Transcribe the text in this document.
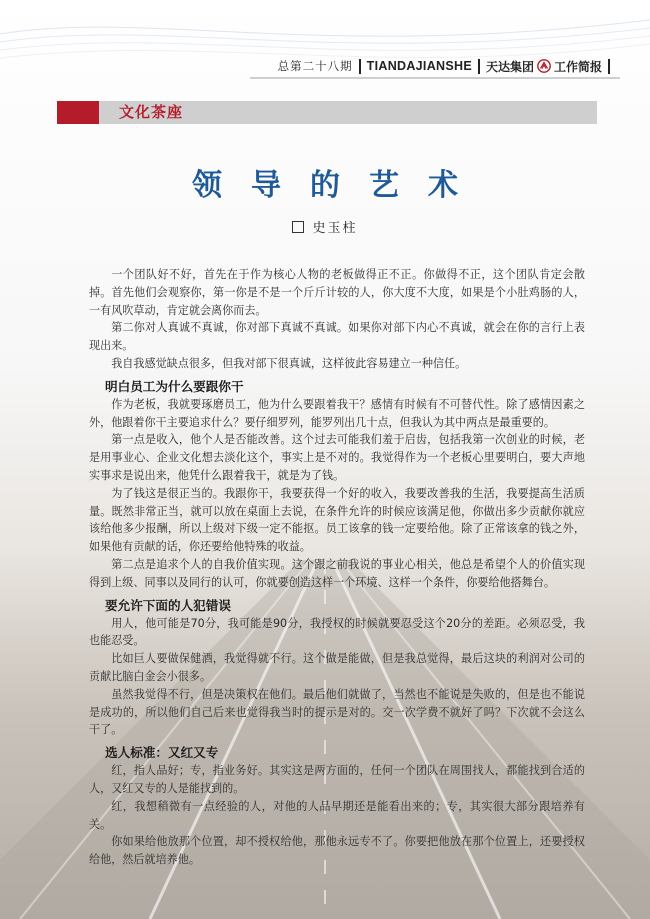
总第二十八期 TIANDAJIANSHE 天达集团 工作简报
文化茶座
领导的艺术
史玉柱

一个团队好不好，首先在于作为核心人物的老板做得正不正。你做得不正，这个团队肯定会散掉。首先他们会观察你，第一你是不是一个斤斤计较的人，你大度不大度，如果是个小肚鸡肠的人，一有风吹草动，肯定就会离你而去。

第二你对人真诚不真诚，你对部下真诚不真诚。如果你对部下内心不真诚，就会在你的言行上表现出来。

我自我感觉缺点很多，但我对部下很真诚，这样彼此容易建立一种信任。

明白员工为什么要跟你干

作为老板，我就要琢磨员工，他为什么要跟着我干？感情有时候有不可替代性。除了感情因素之外，他跟着你干主要追求什么？要仔细罗列，能罗列出几十点，但我认为其中两点是最重要的。

第一点是收入，他个人是否能改善。这个过去可能我们羞于启齿，包括我第一次创业的时候，老是用事业心、企业文化想去淡化这个，事实上是不对的。我觉得作为一个老板心里要明白，要大声地实事求是说出来，他凭什么跟着我干，就是为了钱。

为了钱这是很正当的。我跟你干，我要获得一个好的收入，我要改善我的生活，我要提高生活质量。既然非常正当，就可以放在桌面上去说，在条件允许的时候应该满足他，你做出多少贡献你就应该给他多少报酬，所以上级对下级一定不能抠。员工该拿的钱一定要给他。除了正常该拿的钱之外，如果他有贡献的话，你还要给他特殊的收益。

第二点是追求个人的自我价值实现。这个跟之前我说的事业心相关，他总是希望个人的价值实现得到上级、同事以及同行的认可，你就要创造这样一个环境、这样一个条件，你要给他搭舞台。

要允许下面的人犯错误

用人，他可能是70分，我可能是90分，我授权的时候就要忍受这个20分的差距。必须忍受，我也能忍受。

比如巨人要做保健酒，我觉得就不行。这个做是能做，但是我总觉得，最后这块的利润对公司的贡献比脑白金会小很多。

虽然我觉得不行，但是决策权在他们。最后他们就做了，当然也不能说是失败的，但是也不能说是成功的，所以他们自己后来也觉得我当时的提示是对的。交一次学费不就好了吗？下次就不会这么干了。

选人标准：又红又专

红，指人品好；专，指业务好。其实这是两方面的，任何一个团队在周围找人，都能找到合适的人，又红又专的人是能找到的。

红，我想稍微有一点经验的人，对他的人品早期还是能看出来的；专，其实很大部分跟培养有关。

你如果给他放那个位置，却不授权给他，那他永远专不了。你要把他放在那个位置上，还要授权给他，然后就培养他。
